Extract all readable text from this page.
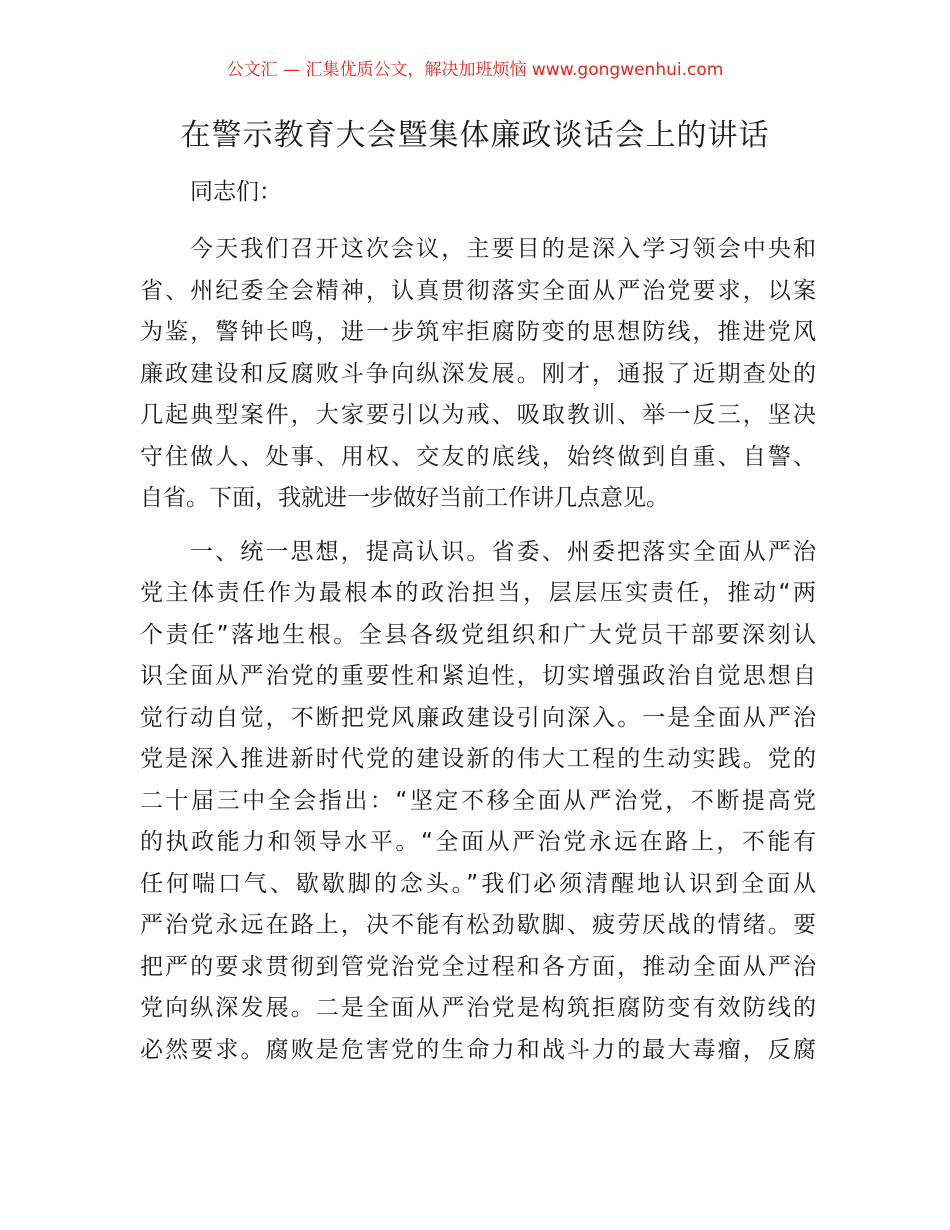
公文汇 — 汇集优质公文，解决加班烦恼 www.gongwenhui.com
在警示教育大会暨集体廉政谈话会上的讲话

同志们：

今天我们召开这次会议，主要目的是深入学习领会中央和
省、州纪委全会精神，认真贯彻落实全面从严治党要求，以案
为鉴，警钟长鸣，进一步筑牢拒腐防变的思想防线，推进党风
廉政建设和反腐败斗争向纵深发展。刚才，通报了近期查处的
几起典型案件，大家要引以为戒、吸取教训、举一反三，坚决
守住做人、处事、用权、交友的底线，始终做到自重、自警、
自省。下面，我就进一步做好当前工作讲几点意见。

一、统一思想，提高认识。省委、州委把落实全面从严治
党主体责任作为最根本的政治担当，层层压实责任，推动“两
个责任”落地生根。全县各级党组织和广大党员干部要深刻认
识全面从严治党的重要性和紧迫性，切实增强政治自觉思想自
觉行动自觉，不断把党风廉政建设引向深入。一是全面从严治
党是深入推进新时代党的建设新的伟大工程的生动实践。党的
二十届三中全会指出：“坚定不移全面从严治党，不断提高党
的执政能力和领导水平。“全面从严治党永远在路上，不能有
任何喘口气、歇歇脚的念头。”我们必须清醒地认识到全面从
严治党永远在路上，决不能有松劲歇脚、疲劳厌战的情绪。要
把严的要求贯彻到管党治党全过程和各方面，推动全面从严治
党向纵深发展。二是全面从严治党是构筑拒腐防变有效防线的
必然要求。腐败是危害党的生命力和战斗力的最大毒瘤，反腐
